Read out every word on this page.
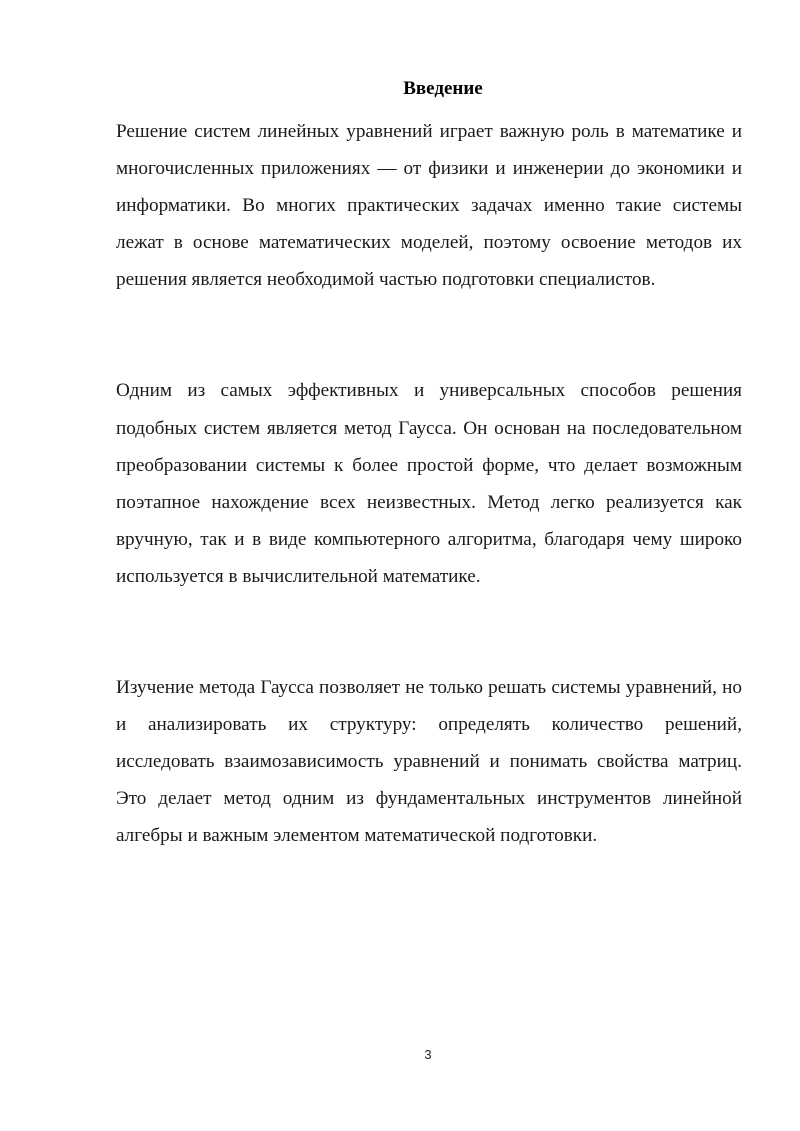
Введение

Решение систем линейных уравнений играет важную роль в математике и многочисленных приложениях — от физики и инженерии до экономики и информатики. Во многих практических задачах именно такие системы лежат в основе математических моделей, поэтому освоение методов их решения является необходимой частью подготовки специалистов.

Одним из самых эффективных и универсальных способов решения подобных систем является метод Гаусса. Он основан на последовательном преобразовании системы к более простой форме, что делает возможным поэтапное нахождение всех неизвестных. Метод легко реализуется как вручную, так и в виде компьютерного алгоритма, благодаря чему широко используется в вычислительной математике.

Изучение метода Гаусса позволяет не только решать системы уравнений, но и анализировать их структуру: определять количество решений, исследовать взаимозависимость уравнений и понимать свойства матриц. Это делает метод одним из фундаментальных инструментов линейной алгебры и важным элементом математической подготовки.

3
